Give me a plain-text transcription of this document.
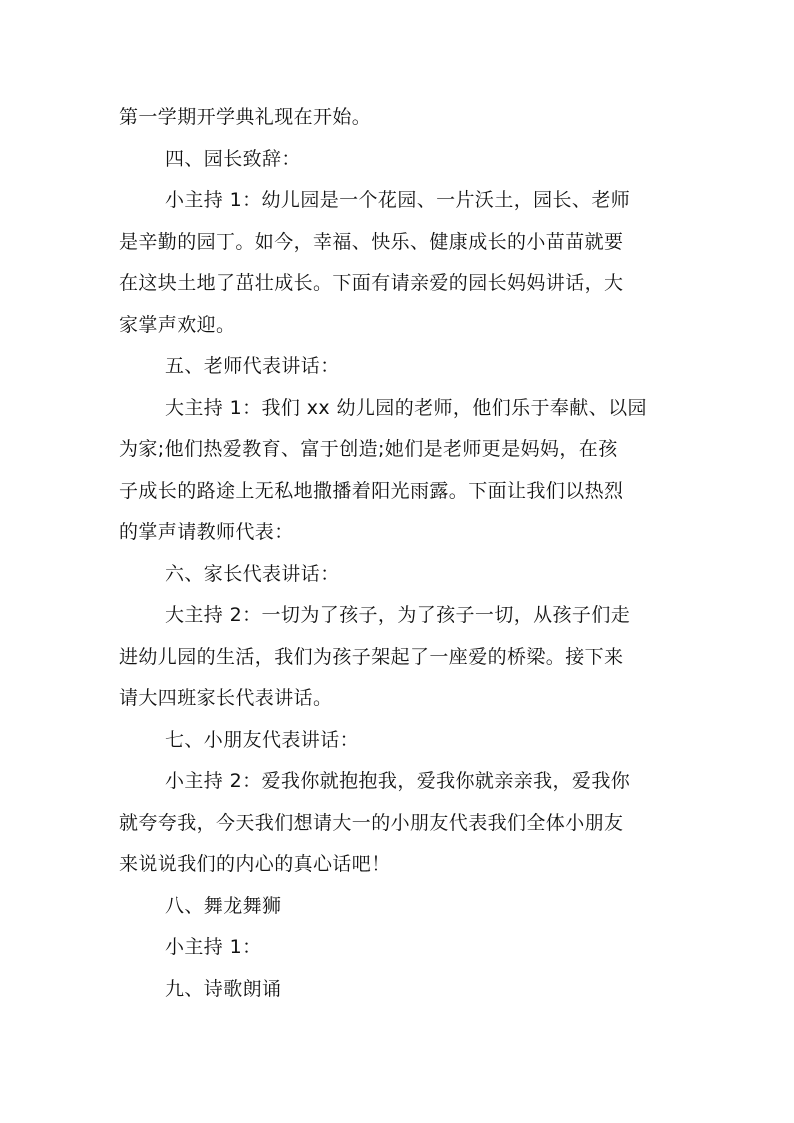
第一学期开学典礼现在开始。
四、园长致辞：
小主持 1：幼儿园是一个花园、一片沃土，园长、老师
是辛勤的园丁。如今，幸福、快乐、健康成长的小苗苗就要
在这块土地了茁壮成长。下面有请亲爱的园长妈妈讲话，大
家掌声欢迎。
五、老师代表讲话：
大主持 1：我们 xx 幼儿园的老师，他们乐于奉献、以园
为家;他们热爱教育、富于创造;她们是老师更是妈妈，在孩
子成长的路途上无私地撒播着阳光雨露。下面让我们以热烈
的掌声请教师代表：
六、家长代表讲话：
大主持 2：一切为了孩子，为了孩子一切，从孩子们走
进幼儿园的生活，我们为孩子架起了一座爱的桥梁。接下来
请大四班家长代表讲话。
七、小朋友代表讲话：
小主持 2：爱我你就抱抱我，爱我你就亲亲我，爱我你
就夸夸我，今天我们想请大一的小朋友代表我们全体小朋友
来说说我们的内心的真心话吧！
八、舞龙舞狮
小主持 1：
九、诗歌朗诵
